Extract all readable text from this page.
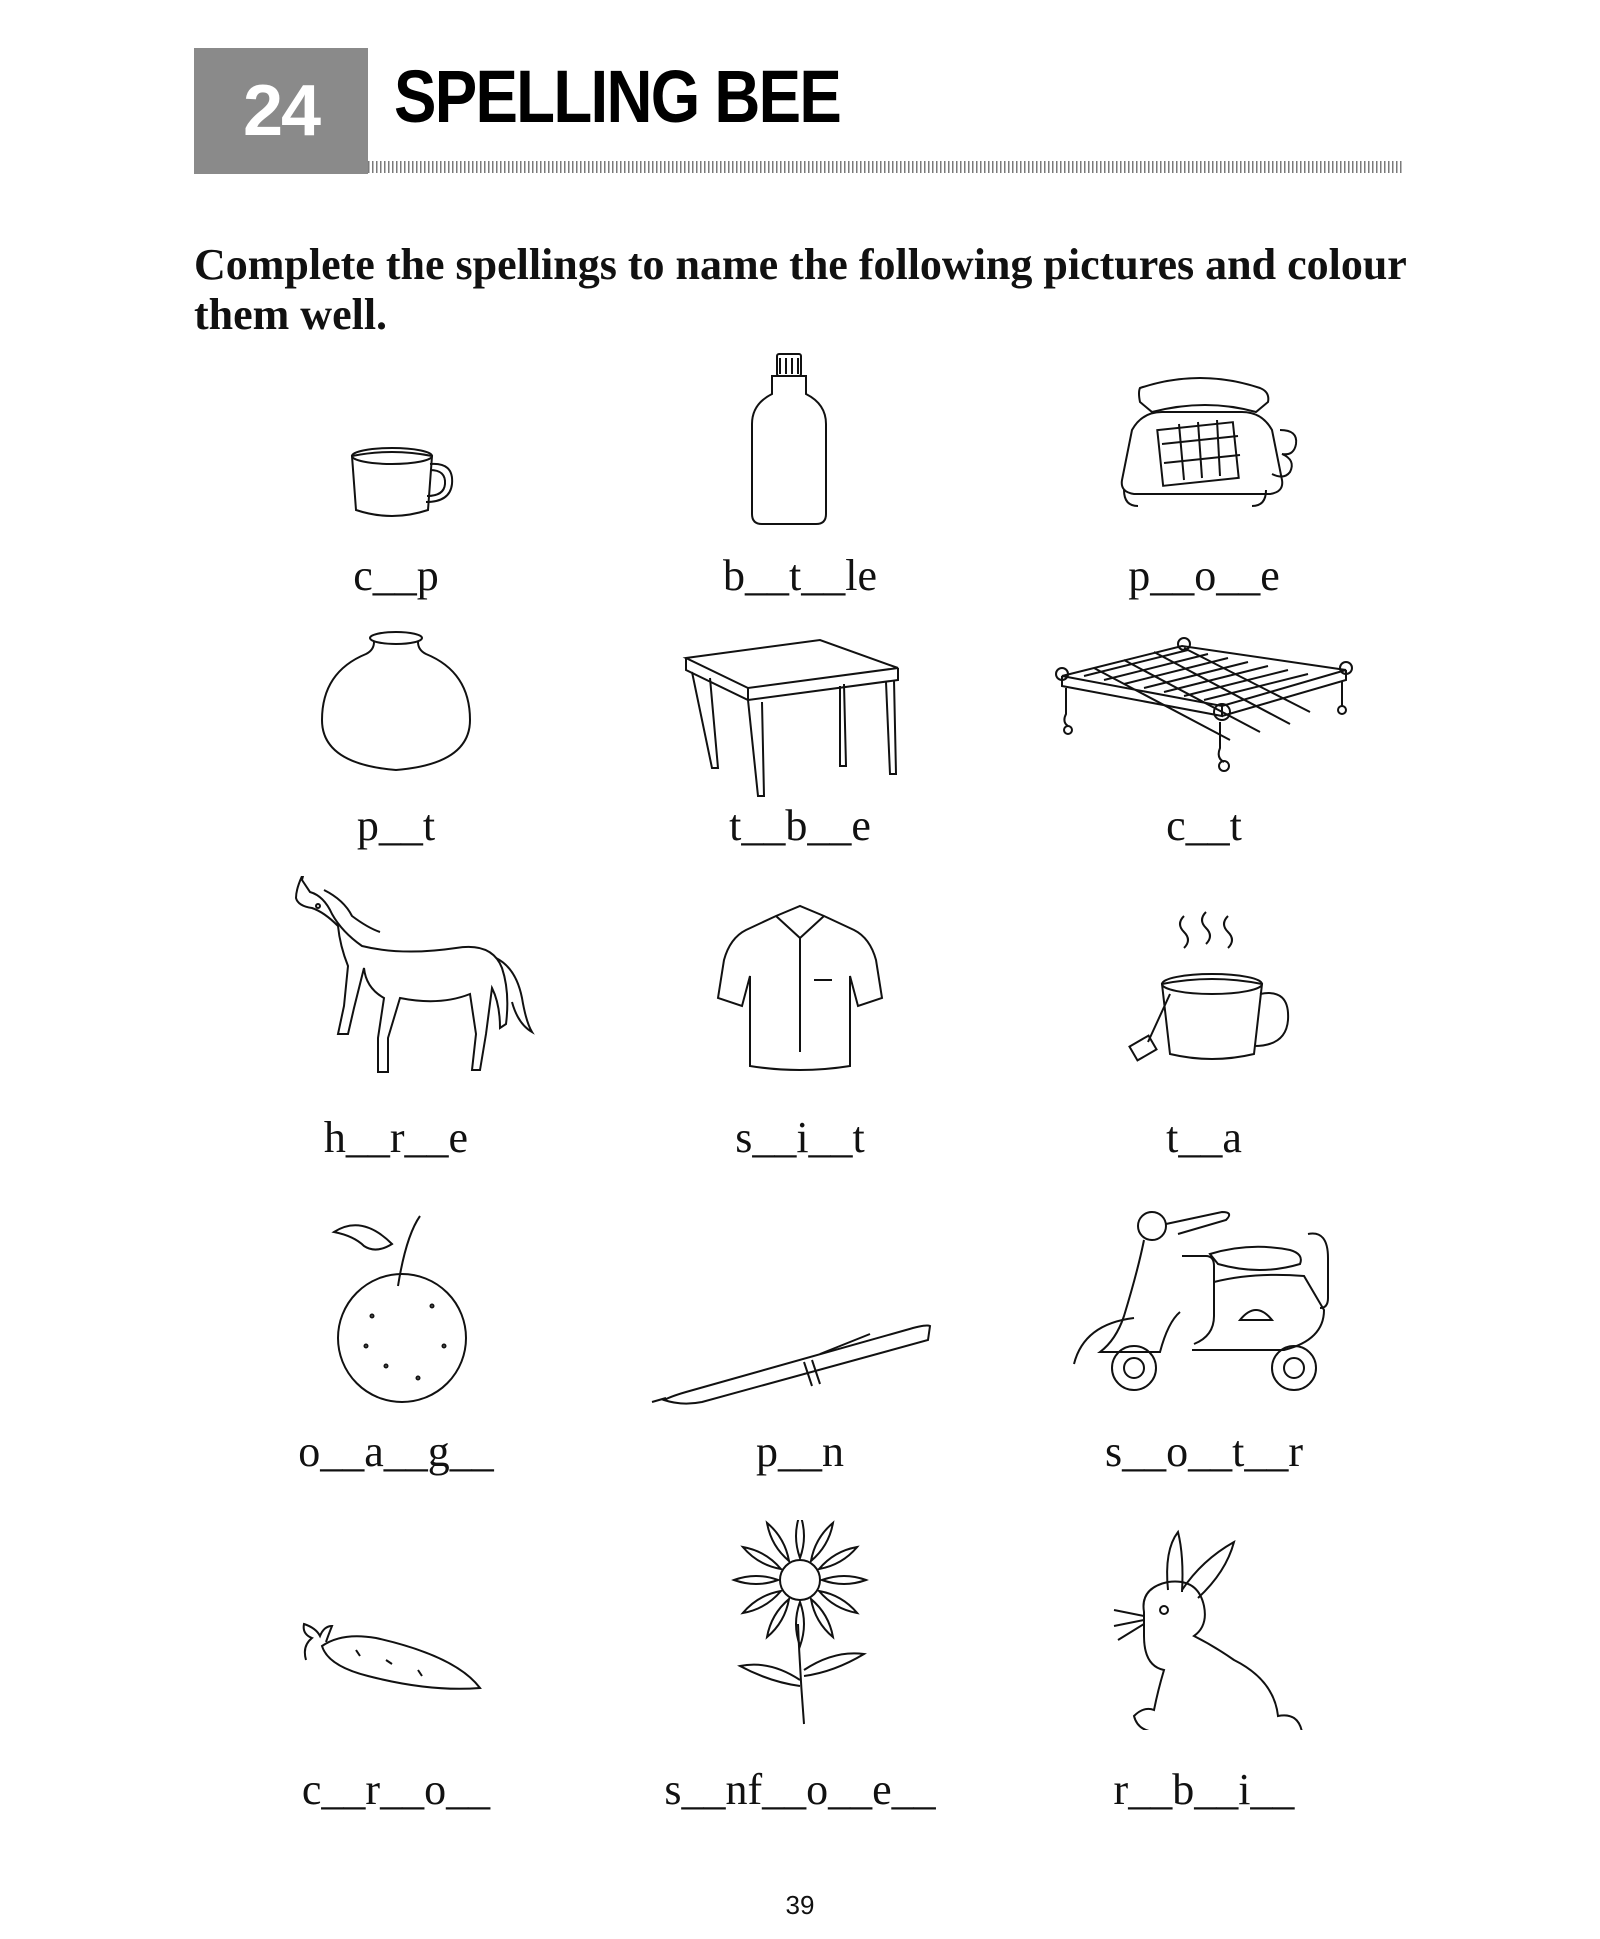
24	SPELLING BEE
Complete the spellings to name the following pictures and colour them well.
c__p	b__t__le	p__o__e
p__t	t__b__e	c__t
h__r__e	s__i__t	t__a
o__a__g__	p__n	s__o__t__r
c__r__o__	s__nf__o__e__	r__b__i__
39
